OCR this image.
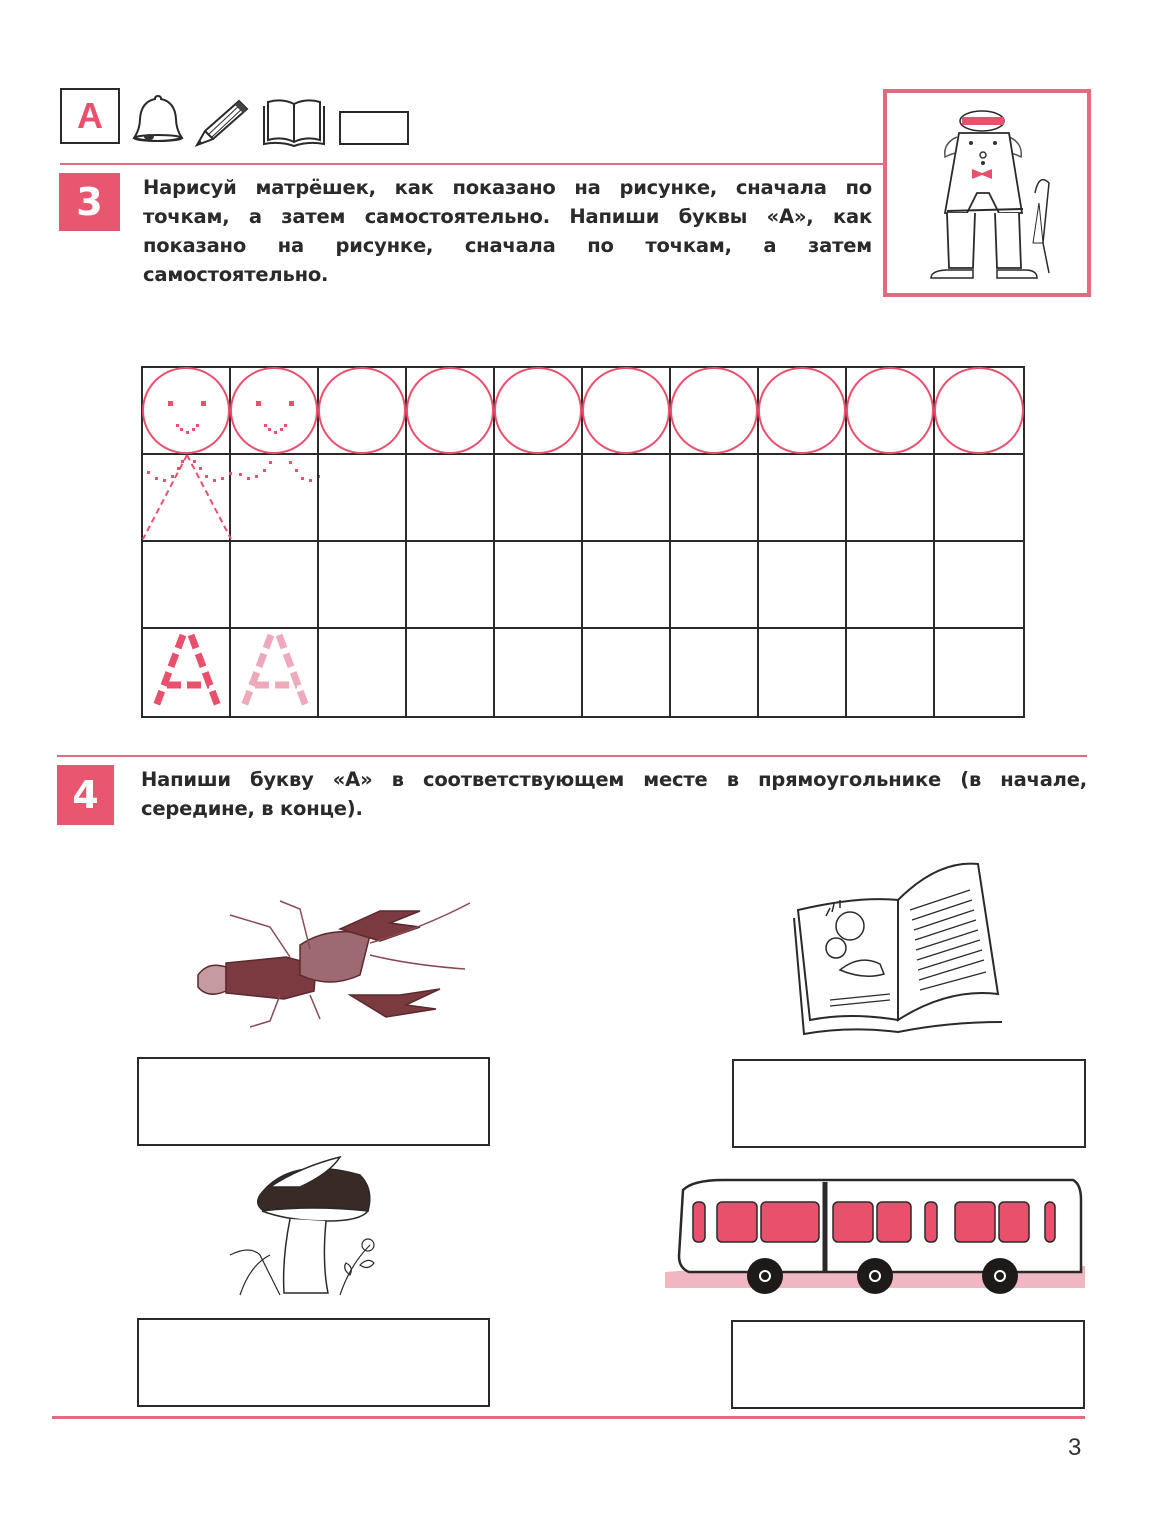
А
3 Нарисуй матрёшек, как показано на рисунке, сначала по точкам, а затем самостоятельно. Напиши буквы «А», как показано на рисунке, сначала по точкам, а затем самостоятельно.
4 Напиши букву «А» в соответствующем месте в прямоугольнике (в начале, середине, в конце).
3
